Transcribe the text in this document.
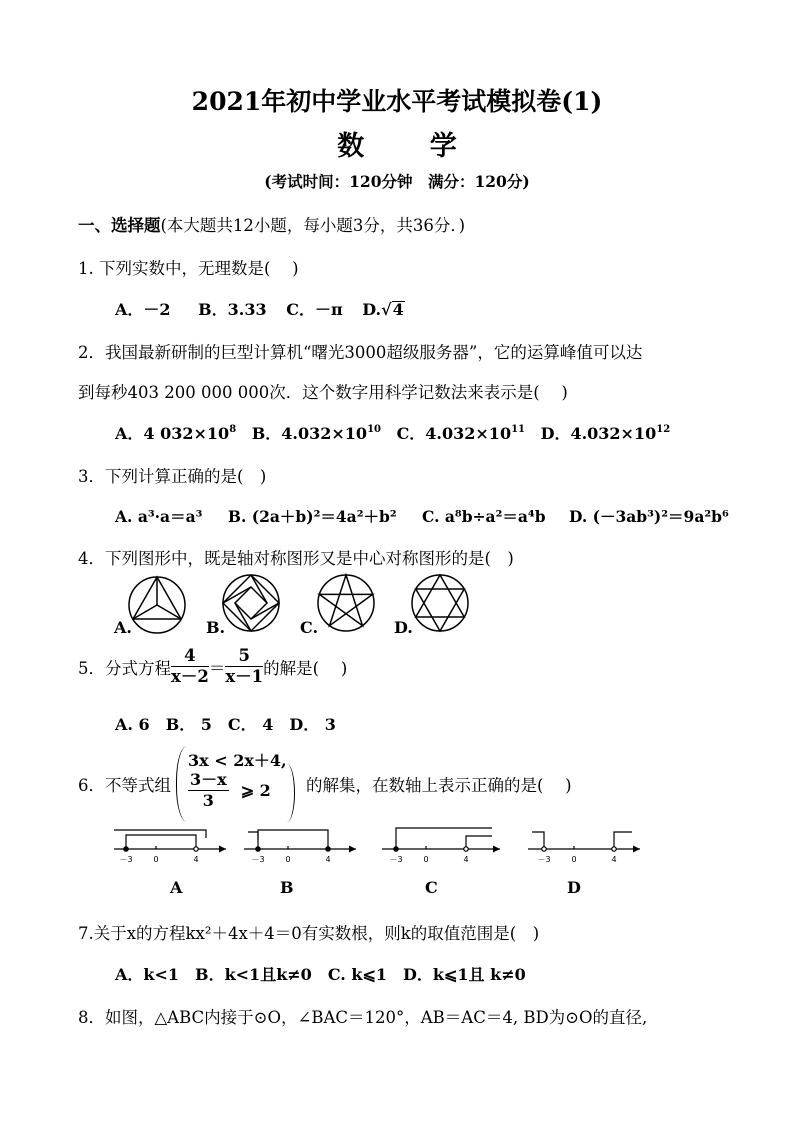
2021年初中学业水平考试模拟卷(1)
数 学
(考试时间：120分钟　满分：120分)
一、选择题(本大题共12小题，每小题3分，共36分．)
1. 下列实数中，无理数是(　 )
A．－2 B．3.33 C．－π D.√4
2．我国最新研制的巨型计算机“曙光3000超级服务器”，它的运算峰值可以达
到每秒403 200 000 000次．这个数字用科学记数法来表示是(　 )
A．4 $032\times 10^8$ B．$4.032\times 10^{10}$ C．$4.032\times 10^{11}$ D．$4.032\times 10^{12}$
3．下列计算正确的是(　)
A. a³·a＝a³ B. (2a＋b)²＝4a²＋b² C. a⁸b÷a²＝a⁴b D. (－3ab³)²＝9a²b⁶
4．下列图形中，既是轴对称图形又是中心对称图形的是(　)
A.	B.	C.	D.
5．分式方程 $\frac{4}{x-2} = \frac{5}{x-1}$ 的解是(　 )
A. 6　B． 5　C． 4　D． 3
6．不等式组
3x < 2x＋4,
$\frac{3-x}{3}$ ⩾ 2 的解集，在数轴上表示正确的是(　 )
－3	0	4	－3	0	4	－3	0	4	－3	0	4
A	B	C	D
7.关于x的方程kx²＋4x＋4＝0有实数根，则k的取值范围是(　)
A．k<1　B．k<1且k≠0　C. k⩽1　D．k⩽1且 k≠0
8．如图，△ABC内接于⊙O，∠BAC＝120°，AB＝AC＝4, BD为⊙O的直径,
